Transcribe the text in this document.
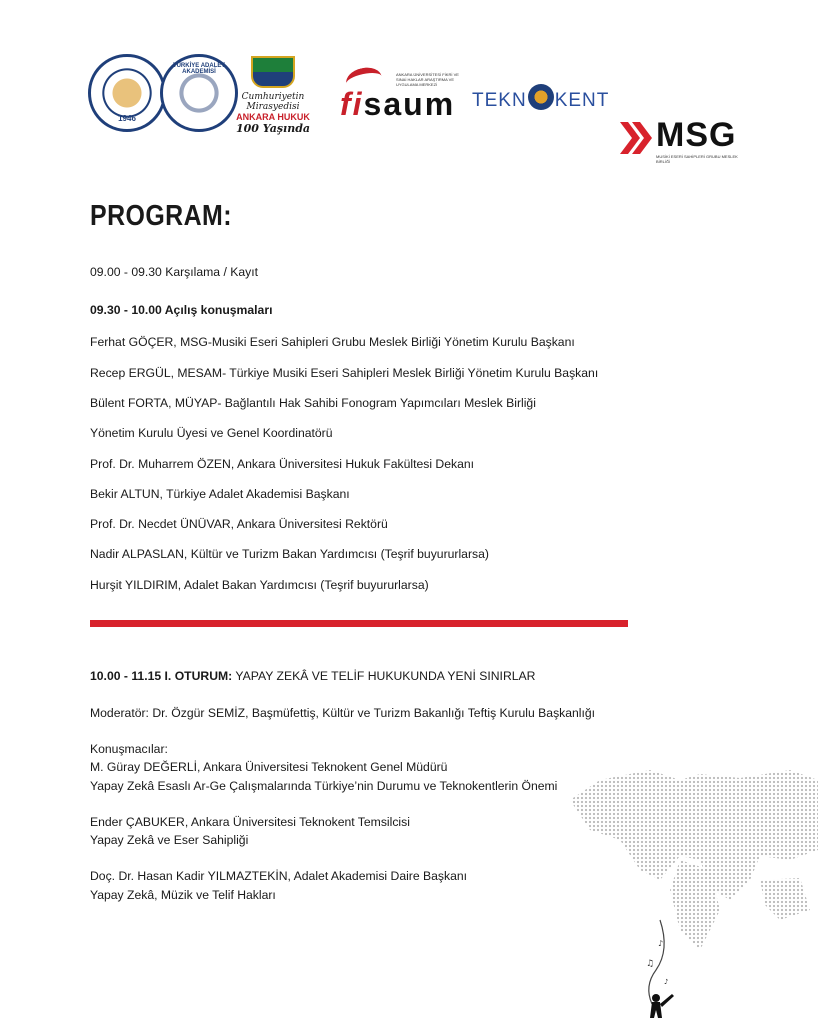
1946
TÜRKİYE ADALET AKADEMİSİ
Cumhuriyetin Mirasyedisi
ANKARA HUKUK
100 Yaşında
ANKARA ÜNİVERSİTESİ FİKRİ VE SINAİ HAKLAR ARAŞTIRMA VE UYGULAMA MERKEZİ
fisaum TEKN KENT
MSG
MUSİKİ ESERİ SAHİPLERİ GRUBU MESLEK BİRLİĞİ
PROGRAM:
09.00 - 09.30 Karşılama / Kayıt
09.30 - 10.00 Açılış konuşmaları
Ferhat GÖÇER, MSG-Musiki Eseri Sahipleri Grubu Meslek Birliği Yönetim Kurulu Başkanı
Recep ERGÜL, MESAM- Türkiye Musiki Eseri Sahipleri Meslek Birliği Yönetim Kurulu Başkanı
Bülent FORTA, MÜYAP- Bağlantılı Hak Sahibi Fonogram Yapımcıları Meslek Birliği
Yönetim Kurulu Üyesi ve Genel Koordinatörü
Prof. Dr. Muharrem ÖZEN, Ankara Üniversitesi Hukuk Fakültesi Dekanı
Bekir ALTUN, Türkiye Adalet Akademisi Başkanı
Prof. Dr. Necdet ÜNÜVAR, Ankara Üniversitesi Rektörü
Nadir ALPASLAN, Kültür ve Turizm Bakan Yardımcısı (Teşrif buyururlarsa)
Hurşit YILDIRIM, Adalet Bakan Yardımcısı (Teşrif buyururlarsa)
10.00 - 11.15 I. OTURUM: YAPAY ZEKÂ VE TELİF HUKUKUNDA YENİ SINIRLAR
Moderatör: Dr. Özgür SEMİZ, Başmüfettiş, Kültür ve Turizm Bakanlığı Teftiş Kurulu Başkanlığı
Konuşmacılar:
M. Güray DEĞERLİ, Ankara Üniversitesi Teknokent Genel Müdürü
Yapay Zekâ Esaslı Ar-Ge Çalışmalarında Türkiye’nin Durumu ve Teknokentlerin Önemi
Ender ÇABUKER, Ankara Üniversitesi Teknokent Temsilcisi
Yapay Zekâ ve Eser Sahipliği
Doç. Dr. Hasan Kadir YILMAZTEKİN, Adalet Akademisi Daire Başkanı
Yapay Zekâ, Müzik ve Telif Hakları
♪
♫
♪
